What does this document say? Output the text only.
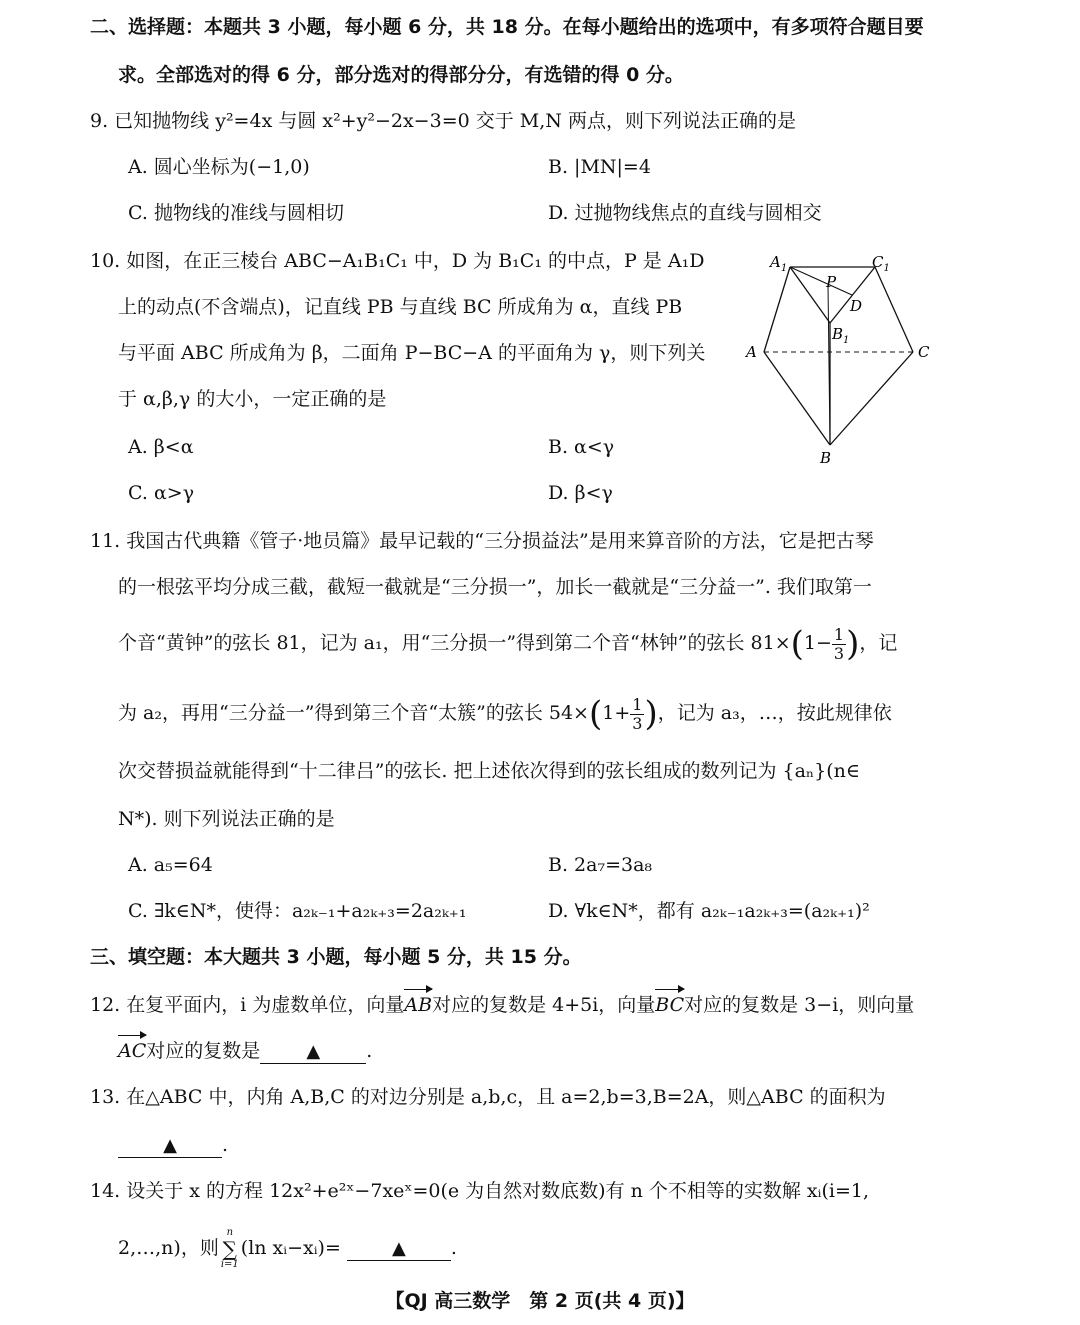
二、选择题：本题共 3 小题，每小题 6 分，共 18 分。在每小题给出的选项中，有多项符合题目要
求。全部选对的得 6 分，部分选对的得部分分，有选错的得 0 分。
9. 已知抛物线 y²=4x 与圆 x²+y²−2x−3=0 交于 M,N 两点，则下列说法正确的是
A. 圆心坐标为(−1,0)	B. |MN|=4
C. 抛物线的准线与圆相切	D. 过抛物线焦点的直线与圆相交
10. 如图，在正三棱台 ABC−A₁B₁C₁ 中，D 为 B₁C₁ 的中点，P 是 A₁D
上的动点(不含端点)，记直线 PB 与直线 BC 所成角为 α，直线 PB
与平面 ABC 所成角为 β，二面角 P−BC−A 的平面角为 γ，则下列关
于 α,β,γ 的大小，一定正确的是
A. β<α	B. α<γ
C. α>γ	D. β<γ
$A_1$	$C_1$
P
D
$B_1$
A	C
B
11. 我国古代典籍《管子·地员篇》最早记载的“三分损益法”是用来算音阶的方法，它是把古琴
的一根弦平均分成三截，截短一截就是“三分损一”，加长一截就是“三分益一”. 我们取第一
个音“黄钟”的弦长 81，记为 a₁，用“三分损一”得到第二个音“林钟”的弦长 $81\times(1- \frac{1}{3}$ )，记
为 a₂，再用“三分益一”得到第三个音“太簇”的弦长 $54\times(1+ \frac{1}{3}$ )，记为 a₃，…，按此规律依
次交替损益就能得到“十二律吕”的弦长. 把上述依次得到的弦长组成的数列记为 {aₙ}(n∈
N*). 则下列说法正确的是
A. a₅=64	B. 2a₇=3a₈
C. ∃k∈N*，使得：a₂ₖ₋₁+a₂ₖ₊₃=2a₂ₖ₊₁	D. ∀k∈N*，都有 a₂ₖ₋₁a₂ₖ₊₃=(a₂ₖ₊₁)²
三、填空题：本大题共 3 小题，每小题 5 分，共 15 分。
12. 在复平面内，i 为虚数单位，向量AB对应的复数是 4+5i，向量BC对应的复数是 3−i，则向量
AC对应的复数是	▲ .
13. 在△ABC 中，内角 A,B,C 的对边分别是 a,b,c，且 a=2,b=3,B=2A，则△ABC 的面积为
▲ .
14. 设关于 x 的方程 12x²+e²ˣ−7xeˣ=0(e 为自然对数底数)有 n 个不相等的实数解 xᵢ(i=1,
2,…,n)，则
n
∑
i=1
(ln xᵢ−xᵢ)=	▲ .
【QJ 高三数学　第 2 页(共 4 页)】
